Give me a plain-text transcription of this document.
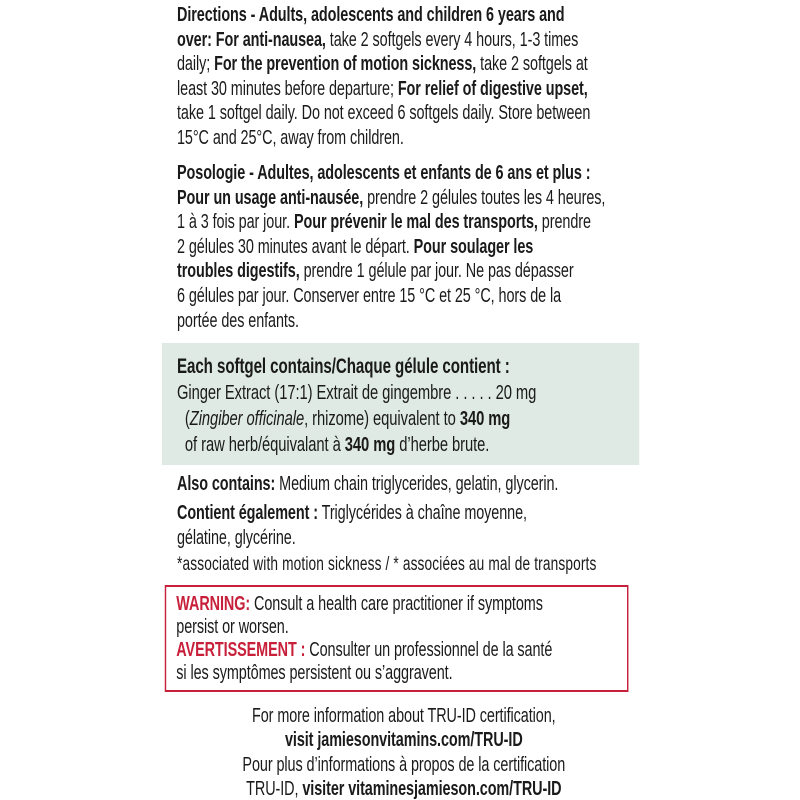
Directions - Adults, adolescents and children 6 years and
over: For anti-nausea, take 2 softgels every 4 hours, 1-3 times
daily; For the prevention of motion sickness, take 2 softgels at
least 30 minutes before departure; For relief of digestive upset,
take 1 softgel daily. Do not exceed 6 softgels daily. Store between
15°C and 25°C, away from children.

Posologie - Adultes, adolescents et enfants de 6 ans et plus :
Pour un usage anti-nausée, prendre 2 gélules toutes les 4 heures,
1 à 3 fois par jour. Pour prévenir le mal des transports, prendre
2 gélules 30 minutes avant le départ. Pour soulager les
troubles digestifs, prendre 1 gélule par jour. Ne pas dépasser
6 gélules par jour. Conserver entre 15 °C et 25 °C, hors de la
portée des enfants.

Each softgel contains/Chaque gélule contient :

Ginger Extract (17:1) Extrait de gingembre . . . . . 20 mg

(Zingiber officinale, rhizome) equivalent to 340 mg

of raw herb/équivalant à 340 mg d’herbe brute.

Also contains: Medium chain triglycerides, gelatin, glycerin.

Contient également : Triglycérides à chaîne moyenne,
gélatine, glycérine.

*associated with motion sickness / * associées au mal de transports

WARNING: Consult a health care practitioner if symptoms
persist or worsen.

AVERTISSEMENT : Consulter un professionnel de la santé
si les symptômes persistent ou s’aggravent.

For more information about TRU-ID certification,
visit jamiesonvitamins.com/TRU-ID

Pour plus d’informations à propos de la certification
TRU-ID, visiter vitaminesjamieson.com/TRU-ID
